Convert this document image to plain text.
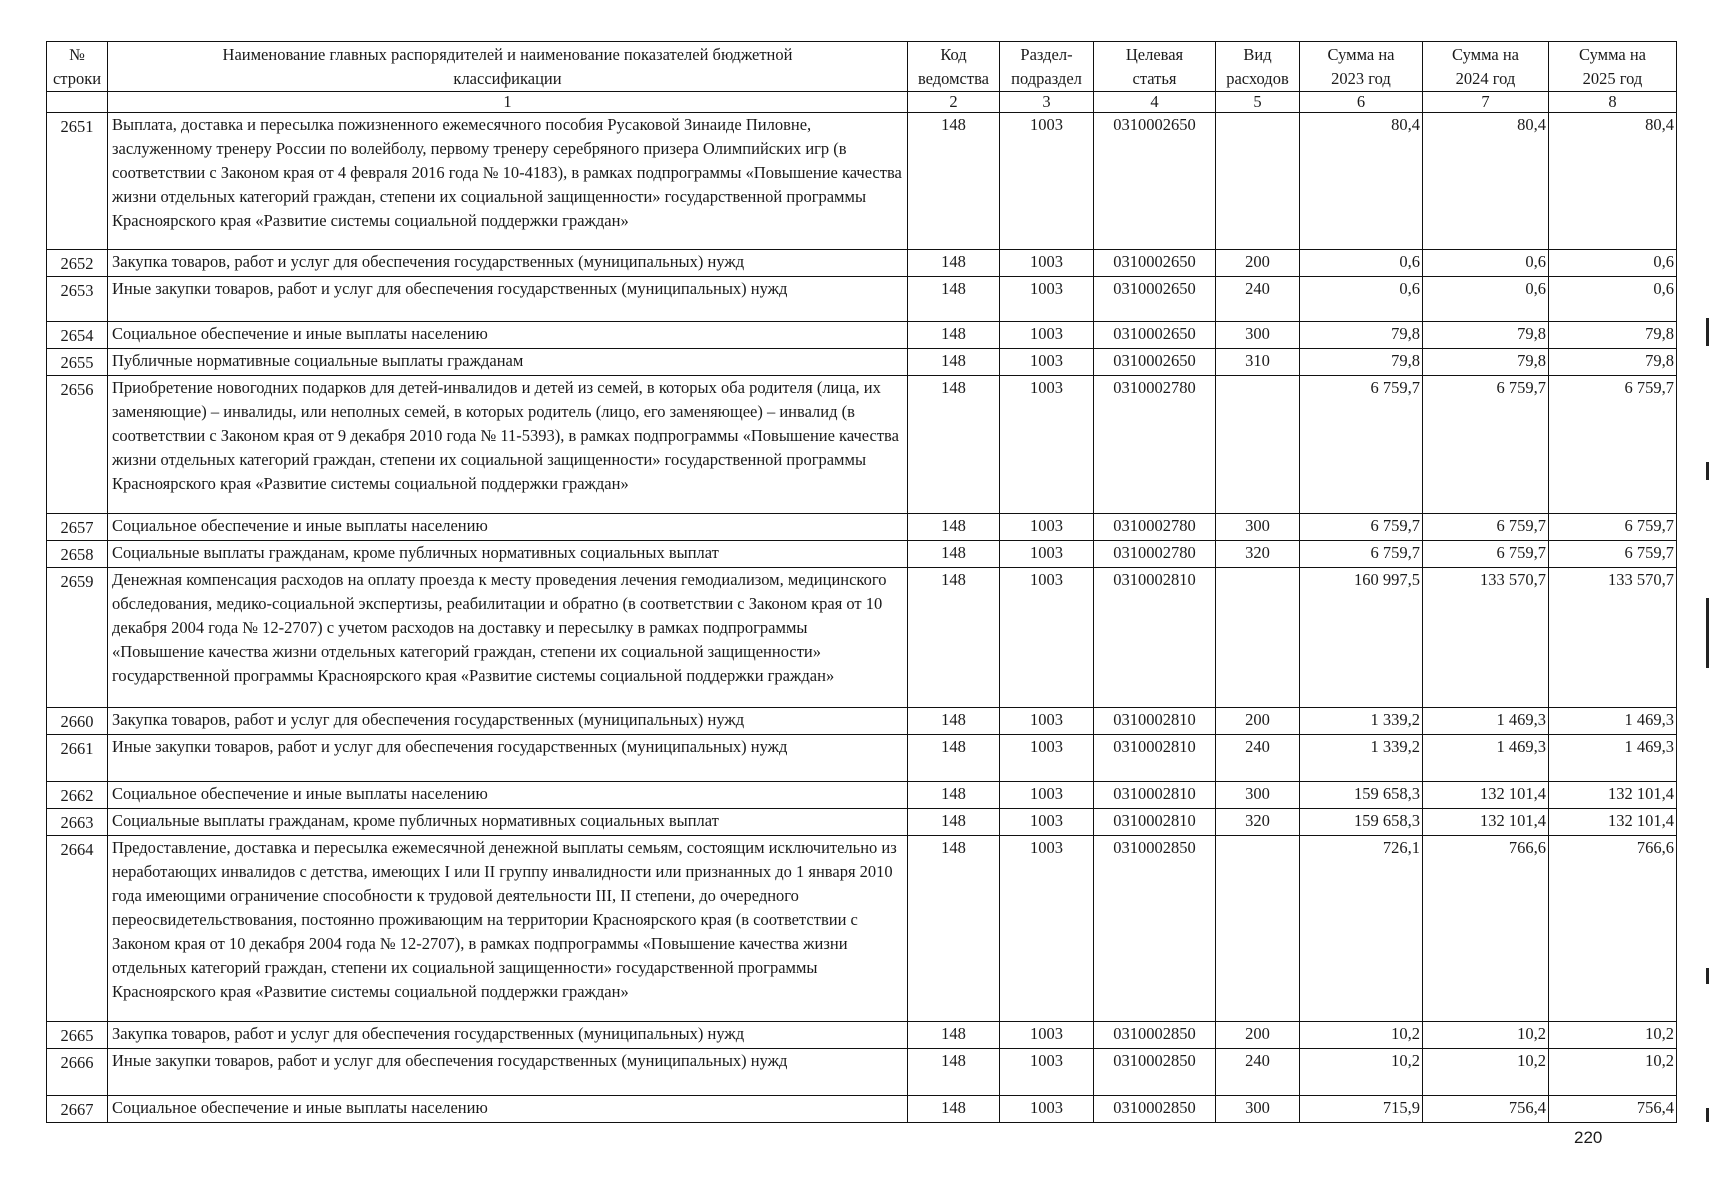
№ строки	Наименование главных распорядителей и наименование показателей бюджетной классификации	Код ведомства	Раздел-подраздел	Целевая статья	Вид расходов	Сумма на 2023 год	Сумма на 2024 год	Сумма на 2025 год
	1	2	3	4	5	6	7	8
2651	Выплата, доставка и пересылка пожизненного ежемесячного пособия Русаковой Зинаиде Пиловне, заслуженному тренеру России по волейболу, первому тренеру серебряного призера Олимпийских игр (в соответствии с Законом края от 4 февраля 2016 года № 10-4183), в рамках подпрограммы «Повышение качества жизни отдельных категорий граждан, степени их социальной защищенности» государственной программы Красноярского края «Развитие системы социальной поддержки граждан»	148	1003	0310002650		80,4	80,4	80,4
2652	Закупка товаров, работ и услуг для обеспечения государственных (муниципальных) нужд	148	1003	0310002650	200	0,6	0,6	0,6
2653	Иные закупки товаров, работ и услуг для обеспечения государственных (муниципальных) нужд	148	1003	0310002650	240	0,6	0,6	0,6
2654	Социальное обеспечение и иные выплаты населению	148	1003	0310002650	300	79,8	79,8	79,8
2655	Публичные нормативные социальные выплаты гражданам	148	1003	0310002650	310	79,8	79,8	79,8
2656	Приобретение новогодних подарков для детей-инвалидов и детей из семей, в которых оба родителя (лица, их заменяющие) – инвалиды, или неполных семей, в которых родитель (лицо, его заменяющее) – инвалид (в соответствии с Законом края от 9 декабря 2010 года № 11-5393), в рамках подпрограммы «Повышение качества жизни отдельных категорий граждан, степени их социальной защищенности» государственной программы Красноярского края «Развитие системы социальной поддержки граждан»	148	1003	0310002780		6 759,7	6 759,7	6 759,7
2657	Социальное обеспечение и иные выплаты населению	148	1003	0310002780	300	6 759,7	6 759,7	6 759,7
2658	Социальные выплаты гражданам, кроме публичных нормативных социальных выплат	148	1003	0310002780	320	6 759,7	6 759,7	6 759,7
2659	Денежная компенсация расходов на оплату проезда к месту проведения лечения гемодиализом, медицинского обследования, медико-социальной экспертизы, реабилитации и обратно (в соответствии с Законом края от 10 декабря 2004 года № 12-2707) с учетом расходов на доставку и пересылку в рамках подпрограммы «Повышение качества жизни отдельных категорий граждан, степени их социальной защищенности» государственной программы Красноярского края «Развитие системы социальной поддержки граждан»	148	1003	0310002810		160 997,5	133 570,7	133 570,7
2660	Закупка товаров, работ и услуг для обеспечения государственных (муниципальных) нужд	148	1003	0310002810	200	1 339,2	1 469,3	1 469,3
2661	Иные закупки товаров, работ и услуг для обеспечения государственных (муниципальных) нужд	148	1003	0310002810	240	1 339,2	1 469,3	1 469,3
2662	Социальное обеспечение и иные выплаты населению	148	1003	0310002810	300	159 658,3	132 101,4	132 101,4
2663	Социальные выплаты гражданам, кроме публичных нормативных социальных выплат	148	1003	0310002810	320	159 658,3	132 101,4	132 101,4
2664	Предоставление, доставка и пересылка ежемесячной денежной выплаты семьям, состоящим исключительно из неработающих инвалидов с детства, имеющих I или II группу инвалидности или признанных до 1 января 2010 года имеющими ограничение способности к трудовой деятельности III, II степени, до очередного переосвидетельствования, постоянно проживающим на территории Красноярского края (в соответствии с Законом края от 10 декабря 2004 года № 12-2707), в рамках подпрограммы «Повышение качества жизни отдельных категорий граждан, степени их социальной защищенности» государственной программы Красноярского края «Развитие системы социальной поддержки граждан»	148	1003	0310002850		726,1	766,6	766,6
2665	Закупка товаров, работ и услуг для обеспечения государственных (муниципальных) нужд	148	1003	0310002850	200	10,2	10,2	10,2
2666	Иные закупки товаров, работ и услуг для обеспечения государственных (муниципальных) нужд	148	1003	0310002850	240	10,2	10,2	10,2
2667	Социальное обеспечение и иные выплаты населению	148	1003	0310002850	300	715,9	756,4	756,4
220
